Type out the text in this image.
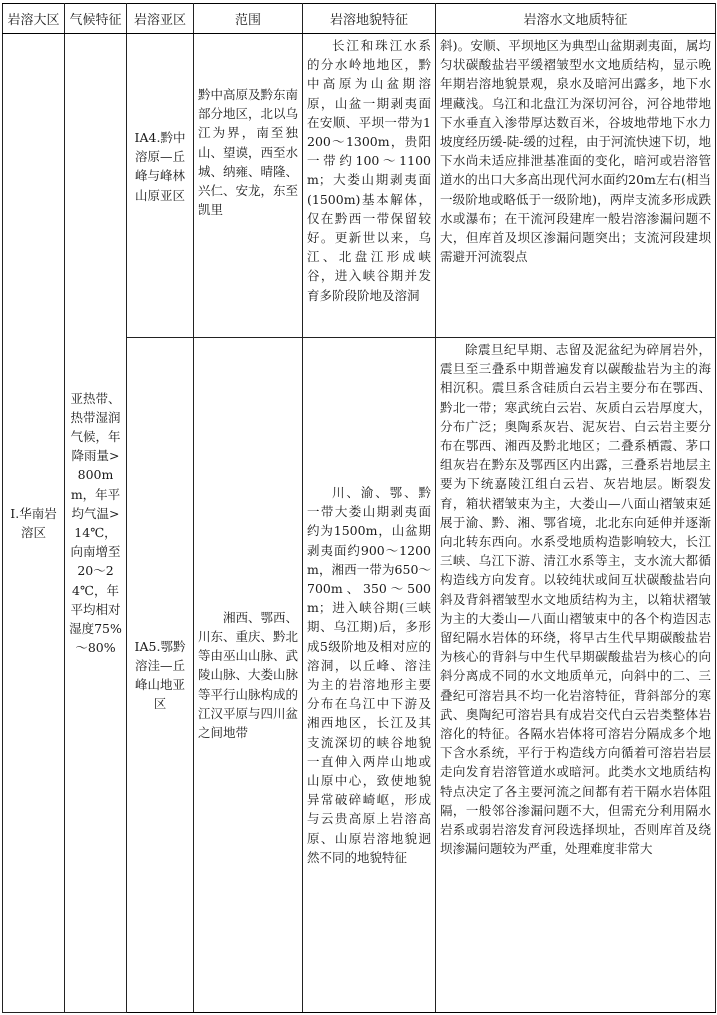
岩溶大区	气候特征	岩溶亚区	范围	岩溶地貌特征	岩溶水文地质特征

Ⅰ.华南岩溶区	亚热带、热带湿润气候，年降雨量>800mm，年平均气温>14℃，向南增至20～24℃，年平均相对湿度75%～80%	ⅠA4.黔中溶原—丘峰与峰林山原亚区	黔中高原及黔东南部分地区，北以乌江为界，南至独山、望谟，西至水城、纳雍、晴隆、兴仁、安龙，东至凯里	长江和珠江水系的分水岭地地区，黔中高原为山盆期溶原，山盆一期剥夷面在安顺、平坝一带为1200～1300m，贵阳一带约100～1100m；大娄山期剥夷面(1500m)基本解体，仅在黔西一带保留较好。更新世以来，乌江、北盘江形成峡谷，进入峡谷期并发育多阶段阶地及溶洞	斜)。安顺、平坝地区为典型山盆期剥夷面，属均匀状碳酸盐岩平缓褶皱型水文地质结构，显示晚年期岩溶地貌景观，泉水及暗河出露多，地下水埋藏浅。乌江和北盘江为深切河谷，河谷地带地下水垂直入渗带厚达数百米，谷坡地带地下水力坡度经历缓-陡-缓的过程，由于河流快速下切，地下水尚未适应排泄基准面的变化，暗河或岩溶管道水的出口大多高出现代河水面约20m左右(相当一级阶地或略低于一级阶地)，两岸支流多形成跌水或瀑布；在干流河段建库一般岩溶渗漏问题不大，但库首及坝区渗漏问题突出；支流河段建坝需避开河流裂点

		ⅠA5.鄂黔溶洼—丘峰山地亚区	湘西、鄂西、川东、重庆、黔北等由巫山山脉、武陵山脉、大娄山脉等平行山脉构成的江汉平原与四川盆之间地带	川、渝、鄂、黔一带大娄山期剥夷面约为1500m，山盆期剥夷面约900～1200m，湘西一带为650～700m、350～500m；进入峡谷期(三峡期、乌江期)后，多形成5级阶地及相对应的溶洞，以丘峰、溶洼为主的岩溶地形主要分布在乌江中下游及湘西地区，长江及其支流深切的峡谷地貌一直伸入两岸山地或山原中心，致使地貌异常破碎崎岖，形成与云贵高原上岩溶高原、山原岩溶地貌迥然不同的地貌特征	除震旦纪早期、志留及泥盆纪为碎屑岩外，震旦至三叠系中期普遍发育以碳酸盐岩为主的海相沉积。震旦系含硅质白云岩主要分布在鄂西、黔北一带；寒武统白云岩、灰质白云岩厚度大，分布广泛；奥陶系灰岩、泥灰岩、白云岩主要分布在鄂西、湘西及黔北地区；二叠系栖霞、茅口组灰岩在黔东及鄂西区内出露，三叠系岩地层主要为下统嘉陵江组白云岩、灰岩地层。断裂发育，箱状褶皱束为主，大娄山—八面山褶皱束延展于渝、黔、湘、鄂省境，北北东向延伸并逐渐向北转东西向。水系受地质构造影响较大，长江三峡、乌江下游、清江水系等主，支水流大都循构造线方向发育。以较纯状或间互状碳酸盐岩向斜及背斜褶皱型水文地质结构为主，以箱状褶皱为主的大娄山—八面山褶皱束中的各个构造因志留纪隔水岩体的环绕，将早古生代早期碳酸盐岩为核心的背斜与中生代早期碳酸盐岩为核心的向斜分离成不同的水文地质单元，向斜中的二、三叠纪可溶岩具不均一化岩溶特征，背斜部分的寒武、奥陶纪可溶岩具有成岩交代白云岩类整体岩溶化的特征。各隔水岩体将可溶岩分隔成多个地下含水系统，平行于构造线方向循着可溶岩岩层走向发育岩溶管道水或暗河。此类水文地质结构特点决定了各主要河流之间都有若干隔水岩体阻隔，一般邻谷渗漏问题不大，但需充分利用隔水岩系或弱岩溶发育河段选择坝址，否则库首及绕坝渗漏问题较为严重，处理难度非常大
